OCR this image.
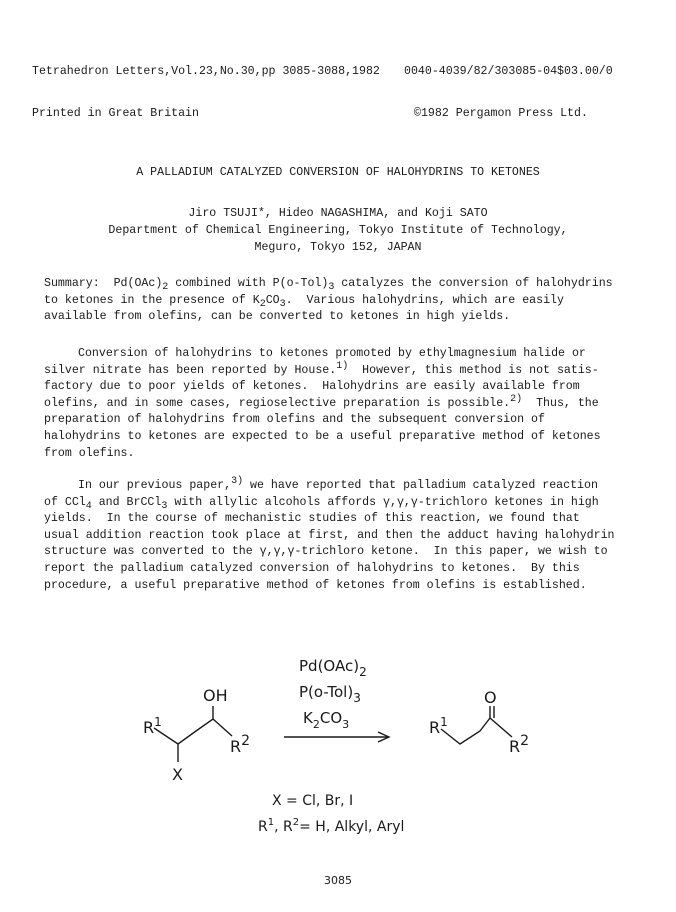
Tetrahedron Letters,Vol.23,No.30,pp 3085-3088,1982

Printed in Great Britain

0040-4039/82/303085-04$03.00/0

©1982 Pergamon Press Ltd.

A PALLADIUM CATALYZED CONVERSION OF HALOHYDRINS TO KETONES
Jiro TSUJI*, Hideo NAGASHIMA, and Koji SATO
Department of Chemical Engineering, Tokyo Institute of Technology,
Meguro, Tokyo 152, JAPAN
Summary:  Pd(OAc)2 combined with P(o-Tol)3 catalyzes the conversion of halohydrins
to ketones in the presence of K2CO3.  Various halohydrins, which are easily
available from olefins, can be converted to ketones in high yields.
Conversion of halohydrins to ketones promoted by ethylmagnesium halide or
silver nitrate has been reported by House.1)  However, this method is not satis-
factory due to poor yields of ketones.  Halohydrins are easily available from
olefins, and in some cases, regioselective preparation is possible.2)  Thus, the
preparation of halohydrins from olefins and the subsequent conversion of
halohydrins to ketones are expected to be a useful preparative method of ketones
from olefins.
In our previous paper,3) we have reported that palladium catalyzed reaction
of CCl4 and BrCCl3 with allylic alcohols affords γ,γ,γ-trichloro ketones in high
yields.  In the course of mechanistic studies of this reaction, we found that
usual addition reaction took place at first, and then the adduct having halohydrin
structure was converted to the γ,γ,γ-trichloro ketone.  In this paper, we wish to
report the palladium catalyzed conversion of halohydrins to ketones.  By this
procedure, a useful preparative method of ketones from olefins is established.
$Pd(OAc)_2$
$P(o-Tol)_3$
$K_2CO_3$
OH
$R^1$
R2
X
O
$R^1$
R2
X = Cl, Br, I
$R^1$, $R^2= H$, Alkyl, Aryl
3085
